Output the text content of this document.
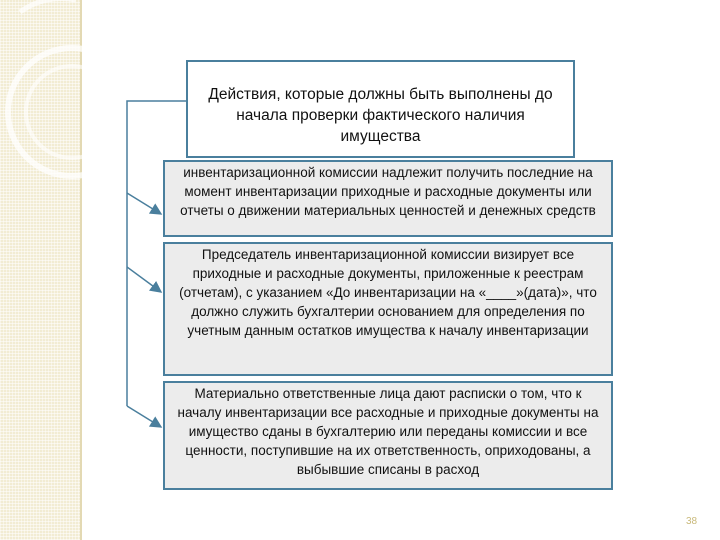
Действия, которые должны быть выполнены до начала проверки фактического наличия имущества
инвентаризационной комиссии надлежит получить последние на момент инвентаризации приходные и расходные документы или отчеты о движении материальных ценностей и денежных средств
Председатель инвентаризационной комиссии визирует все приходные и расходные документы, приложенные к реестрам (отчетам), с указанием «До инвентаризации на «____»(дата)», что должно служить бухгалтерии основанием для определения по учетным данным остатков имущества к началу инвентаризации
Материально ответственные лица дают расписки о том, что к началу инвентаризации все расходные и приходные документы на имущество сданы в бухгалтерию или переданы комиссии и все ценности, поступившие на их ответственность, оприходованы, а выбывшие списаны в расход
38
